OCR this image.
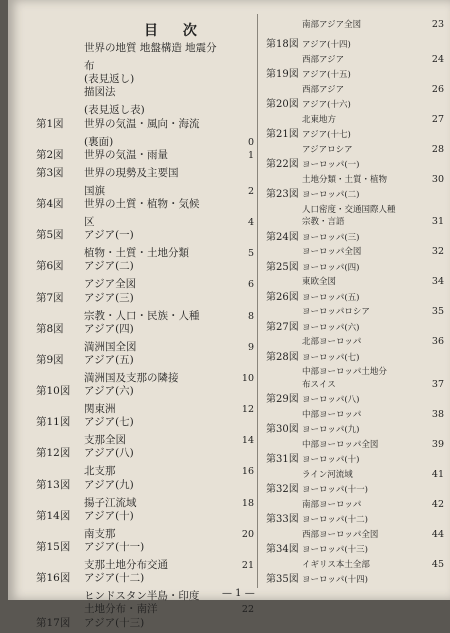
目 次
世界の地質 地盤構造 地震分
布
(表見返し)
描図法
(表見返し表)
第1図	世界の気温・風向・海流
(裏面)	0
第2図	世界の気温・雨量	1
第3図	世界の現勢及主要国
国旗	2
第4図	世界の土質・植物・気候
区	4
第5図	アジア(一)
植物・土質・土地分類	5
第6図	アジア(二)
アジア全図	6
第7図	アジア(三)
宗教・人口・民族・人種	8
第8図	アジア(四)
満洲国全図	9
第9図	アジア(五)
満洲国及支那の隣接	10
第10図	アジア(六)
関東洲	12
第11図	アジア(七)
支那全図	14
第12図	アジア(八)
北支那	16
第13図	アジア(九)
揚子江流域	18
第14図	アジア(十)
南支那	20
第15図	アジア(十一)
支那土地分布交通	21
第16図	アジア(十二)
ヒンドスタン半島・印度
土地分布・南洋	22
第17図	アジア(十三)
南部アジア全図	23
第18図 アジア(十四)
西部アジア	24
第19図 アジア(十五)
西部アジア	26
第20図 アジア(十六)
北東地方	27
第21図 アジア(十七)
アジアロシア	28
第22図 ヨーロッパ(一)
土地分類・土質・植物	30
第23図 ヨーロッパ(二)
人口密度・交通国際人種
宗教・言語	31
第24図 ヨーロッパ(三)
ヨーロッパ全図	32
第25図 ヨーロッパ(四)
東欧全図	34
第26図 ヨーロッパ(五)
ヨーロッパロシア	35
第27図 ヨーロッパ(六)
北部ヨーロッパ	36
第28図 ヨーロッパ(七)
中部ヨーロッパ土地分
布スイス	37
第29図 ヨーロッパ(八)
中部ヨーロッパ	38
第30図 ヨーロッパ(九)
中部ヨーロッパ全図	39
第31図 ヨーロッパ(十)
ライン河流域	41
第32図 ヨーロッパ(十一)
南部ヨーロッパ	42
第33図 ヨーロッパ(十二)
西部ヨーロッパ全図	44
第34図 ヨーロッパ(十三)
イギリス本土全部	45
第35図 ヨーロッパ(十四)
— 1 —
